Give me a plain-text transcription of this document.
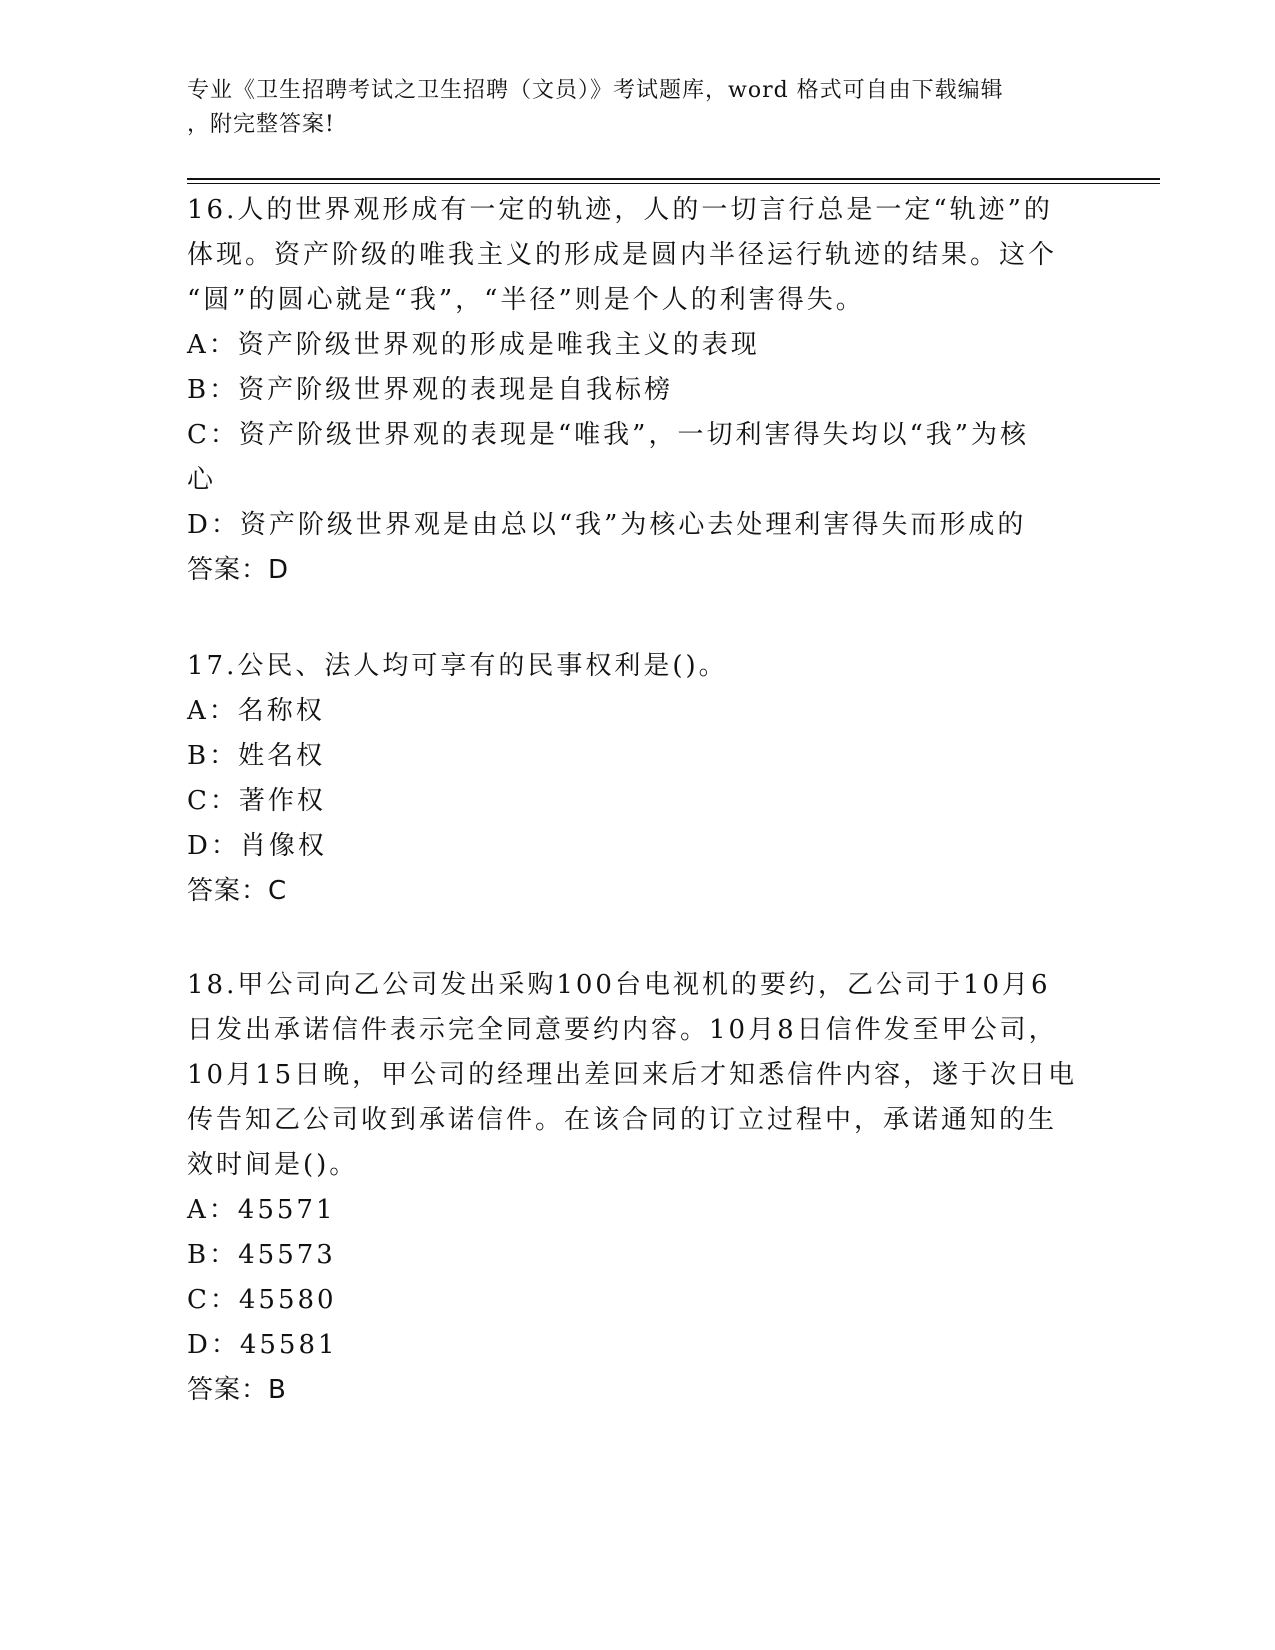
专业《卫生招聘考试之卫生招聘（文员）》考试题库，word 格式可自由下载编辑
，附完整答案!

16.人的世界观形成有一定的轨迹，人的一切言行总是一定“轨迹”的

体现。资产阶级的唯我主义的形成是圆内半径运行轨迹的结果。这个

“圆”的圆心就是“我”，“半径”则是个人的利害得失。

A：资产阶级世界观的形成是唯我主义的表现
B：资产阶级世界观的表现是自我标榜
C：资产阶级世界观的表现是“唯我”，一切利害得失均以“我”为核
心
D：资产阶级世界观是由总以“我”为核心去处理利害得失而形成的

答案：D

17.公民、法人均可享有的民事权利是()。

A：名称权
B：姓名权
C：著作权
D：肖像权

答案：C

18.甲公司向乙公司发出采购100台电视机的要约，乙公司于10月6

日发出承诺信件表示完全同意要约内容。10月8日信件发至甲公司，

10月15日晚，甲公司的经理出差回来后才知悉信件内容，遂于次日电

传告知乙公司收到承诺信件。在该合同的订立过程中，承诺通知的生

效时间是()。

A：45571
B：45573
C：45580
D：45581

答案：B
